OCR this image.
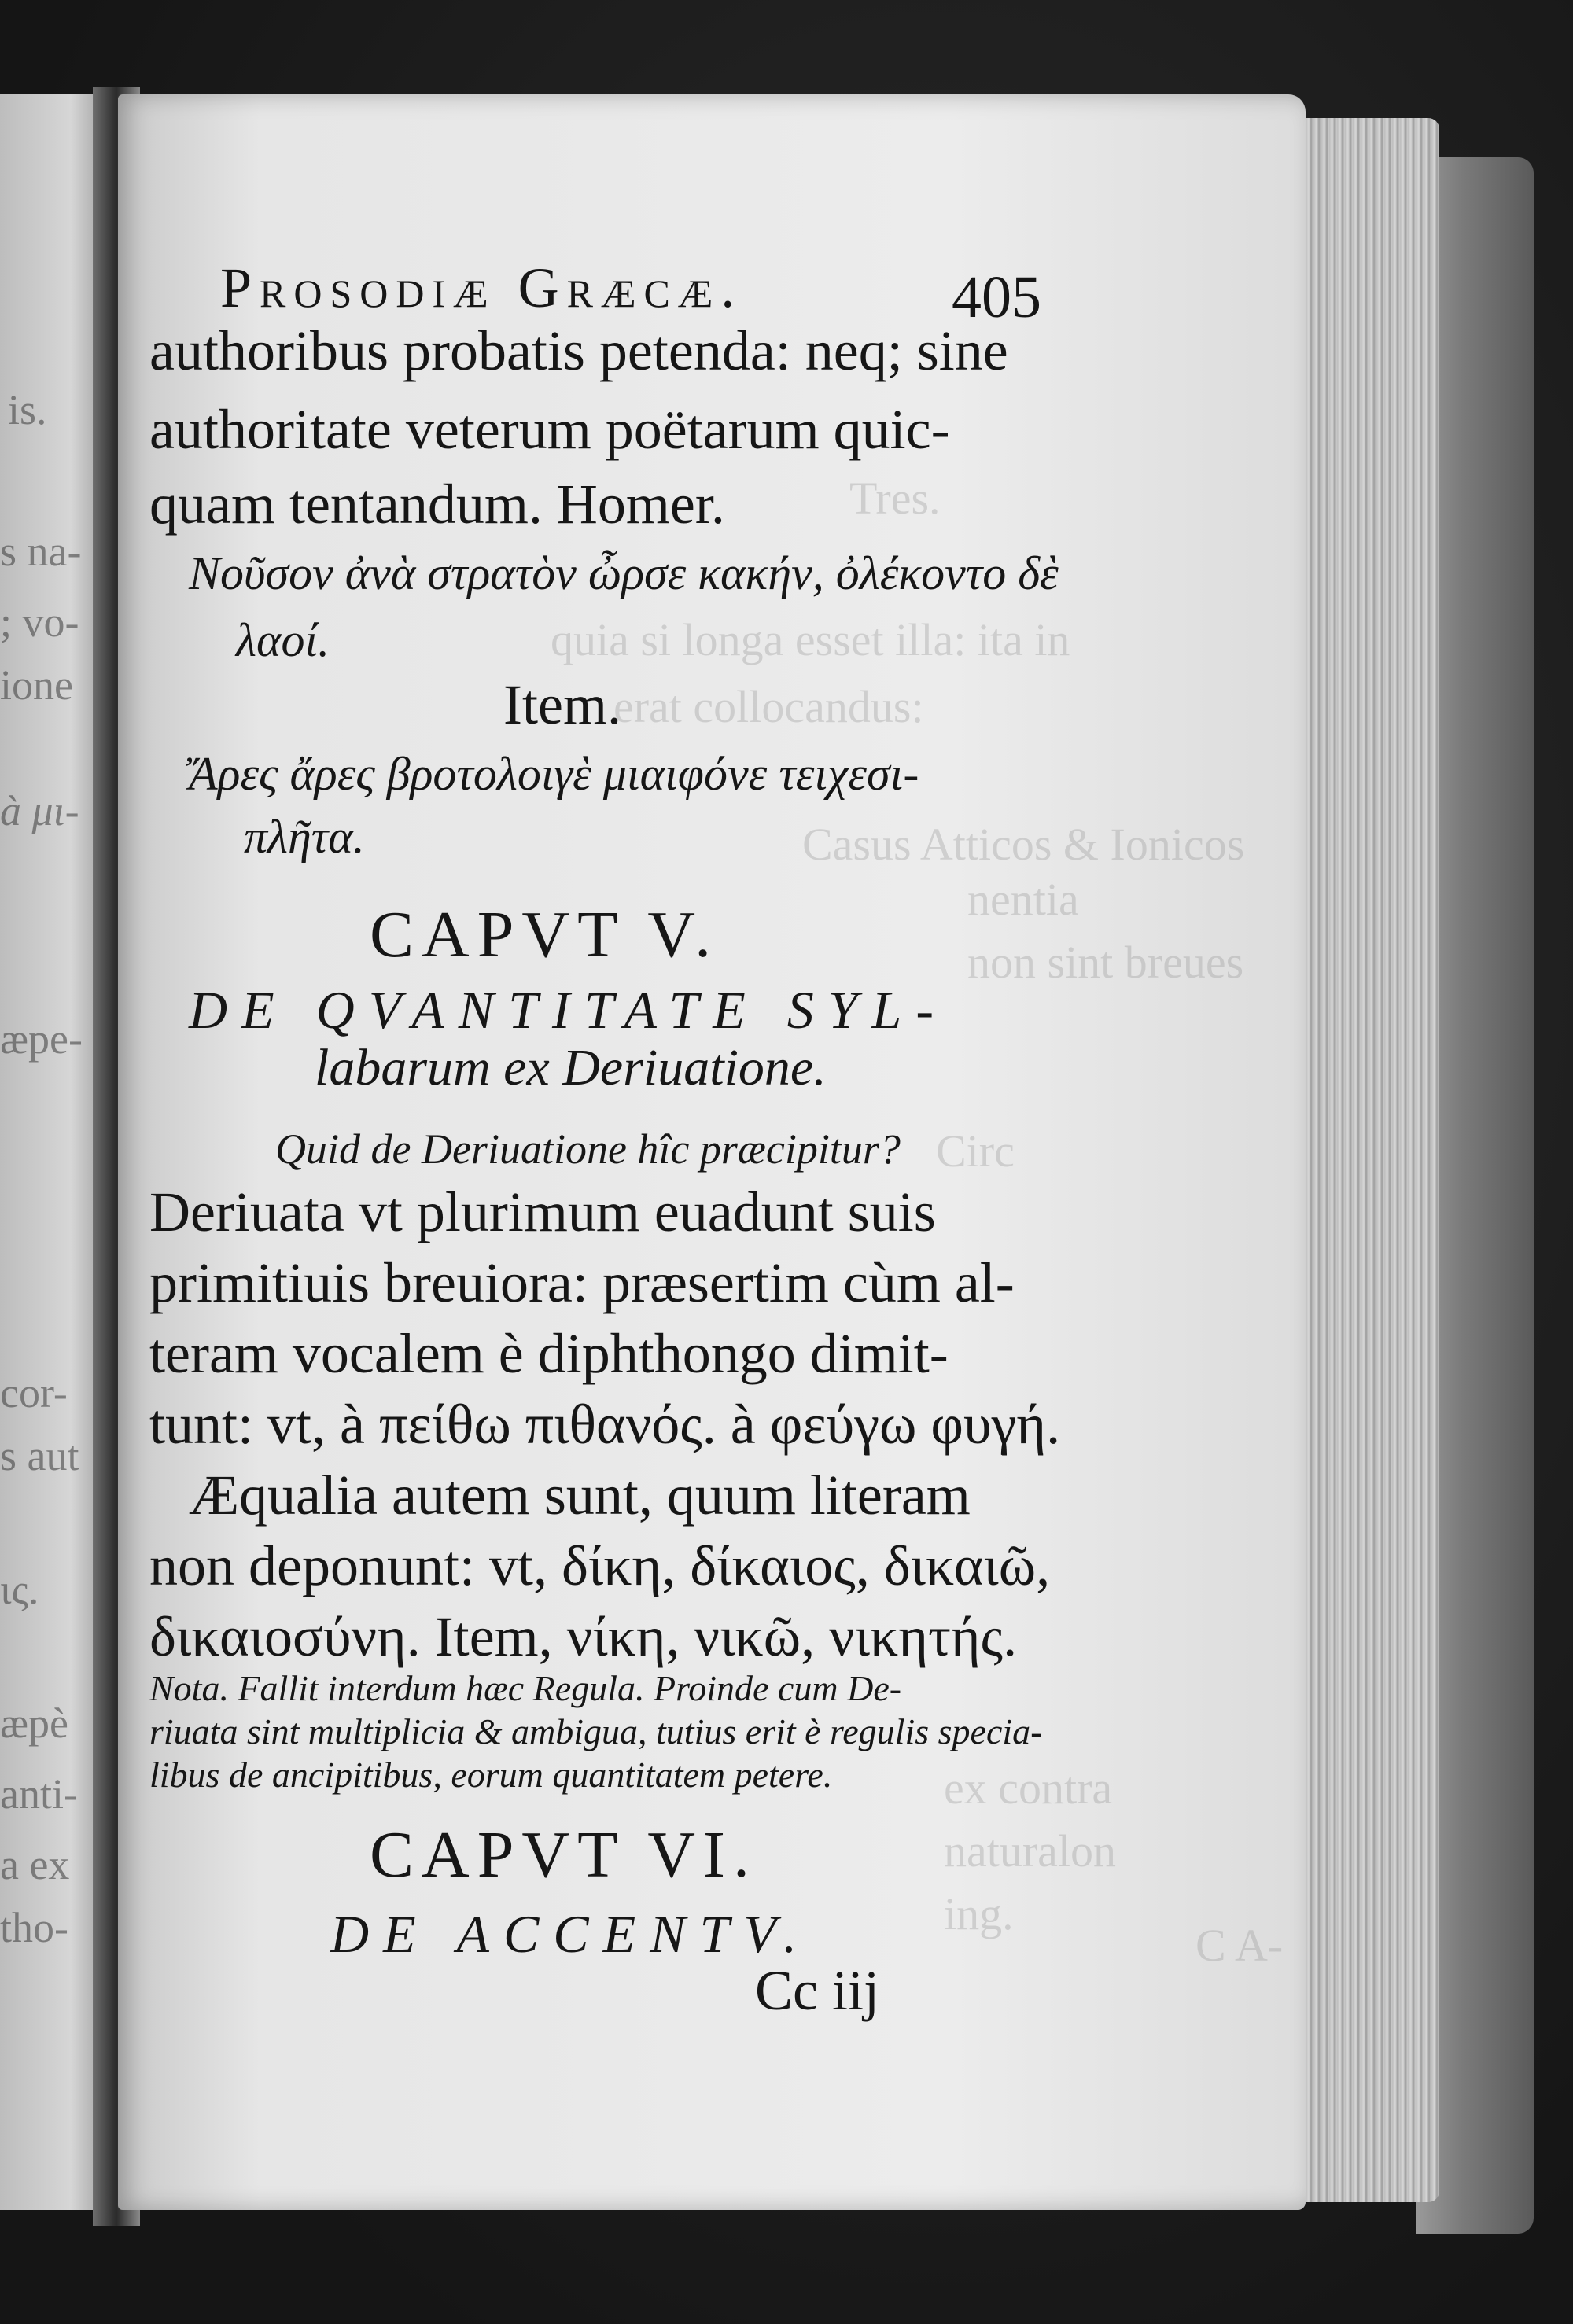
is.
s na-
; vo-
ione
à μι-
æpe-
cor-
s aut
ις.
æpè
anti-
a ex
tho-
Tres.
quia si longa esset illa: ita in
erat collocandus:
Casus Atticos & Ionicos
nentia
non sint breues
Circ
ex contra
naturalon
ing.
C A-
Prosodiæ Græcæ.	405
authoribus probatis petenda: neq; sine
authoritate veterum poëtarum quic-
quam tentandum. Homer.
Νοῦσον ἀνὰ στρατὸν ὦρσε κακήν, ὀλέκοντο δὲ
λαοί.
Item.
Ἄρες ἄρες βροτολοιγὲ μιαιφόνε τειχεσι-
πλῆτα.
CAPVT V.
DE QVANTITATE SYL-
labarum ex Deriuatione.
Quid de Deriuatione hîc præcipitur?
Deriuata vt plurimum euadunt suis
primitiuis breuiora: præsertim cùm al-
teram vocalem è diphthongo dimit-
tunt: vt, à πείθω πιθανός. à φεύγω φυγή.
Æqualia autem sunt, quum literam
non deponunt: vt, δίκη, δίκαιος, δικαιῶ,
δικαιοσύνη. Item, νίκη, νικῶ, νικητής.
Nota. Fallit interdum hæc Regula. Proinde cum De-
riuata sint multiplicia & ambigua, tutius erit è regulis specia-
libus de ancipitibus, eorum quantitatem petere.
CAPVT VI.
DE ACCENTV.
Cc iij
